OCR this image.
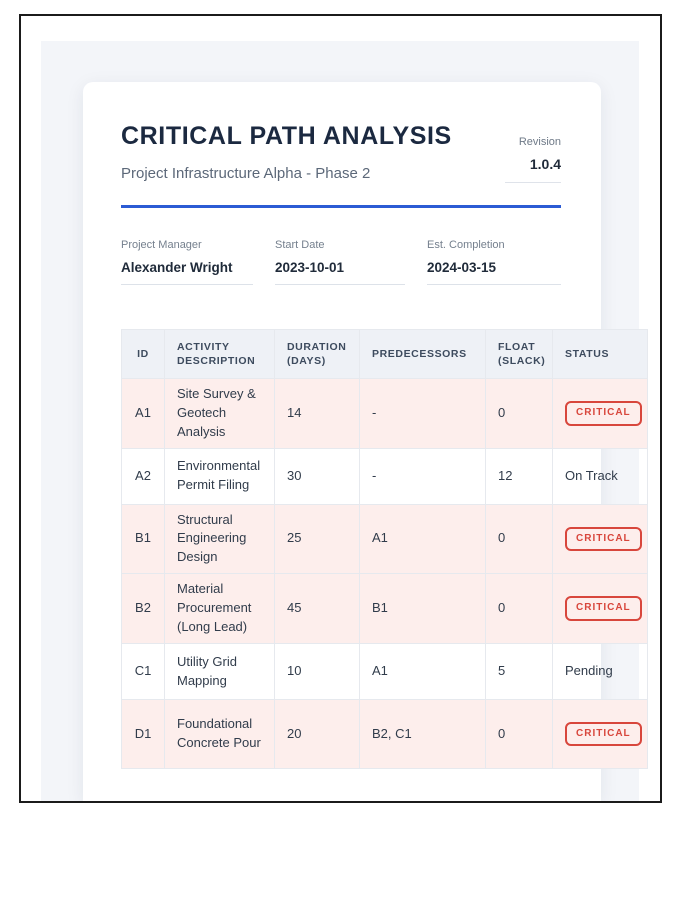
CRITICAL PATH ANALYSIS
Project Infrastructure Alpha - Phase 2
Revision
1.0.4
Project Manager
Alexander Wright
Start Date
2023-10-01
Est. Completion
2024-03-15
ID	ACTIVITY DESCRIPTION	DURATION (DAYS)	PREDECESSORS	FLOAT (SLACK)	STATUS
A1	Site Survey & Geotech Analysis	14	-	0	CRITICAL
A2	Environmental Permit Filing	30	-	12	On Track
B1	Structural Engineering Design	25	A1	0	CRITICAL
B2	Material Procurement (Long Lead)	45	B1	0	CRITICAL
C1	Utility Grid Mapping	10	A1	5	Pending
D1	Foundational Concrete Pour	20	B2, C1	0	CRITICAL
